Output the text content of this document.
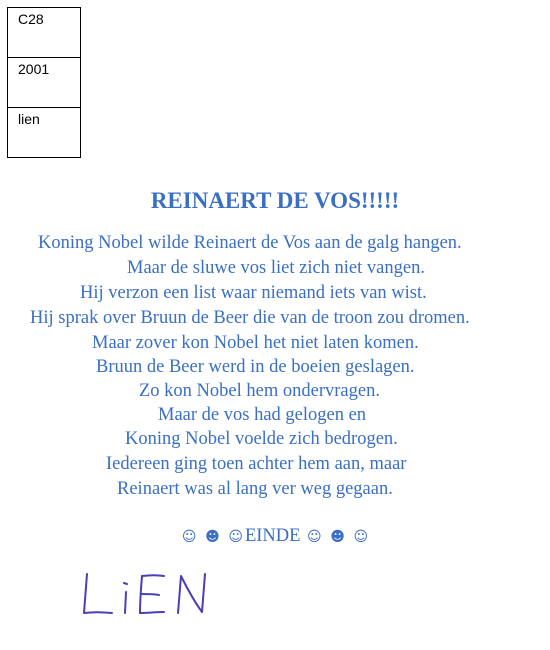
C28
2001
lien
REINAERT DE VOS!!!!!
Koning Nobel wilde Reinaert de Vos aan de galg hangen.
Maar de sluwe vos liet zich niet vangen.
Hij verzon een list waar niemand iets van wist.
Hij sprak over Bruun de Beer die van de troon zou dromen.
Maar zover kon Nobel het niet laten komen.
Bruun de Beer werd in de boeien geslagen.
Zo kon Nobel hem ondervragen.
Maar de vos had gelogen en
Koning Nobel voelde zich bedrogen.
Iedereen ging toen achter hem aan, maar
Reinaert was al lang ver weg gegaan.
☺ ☻ ☺ EINDE ☺ ☻ ☺
